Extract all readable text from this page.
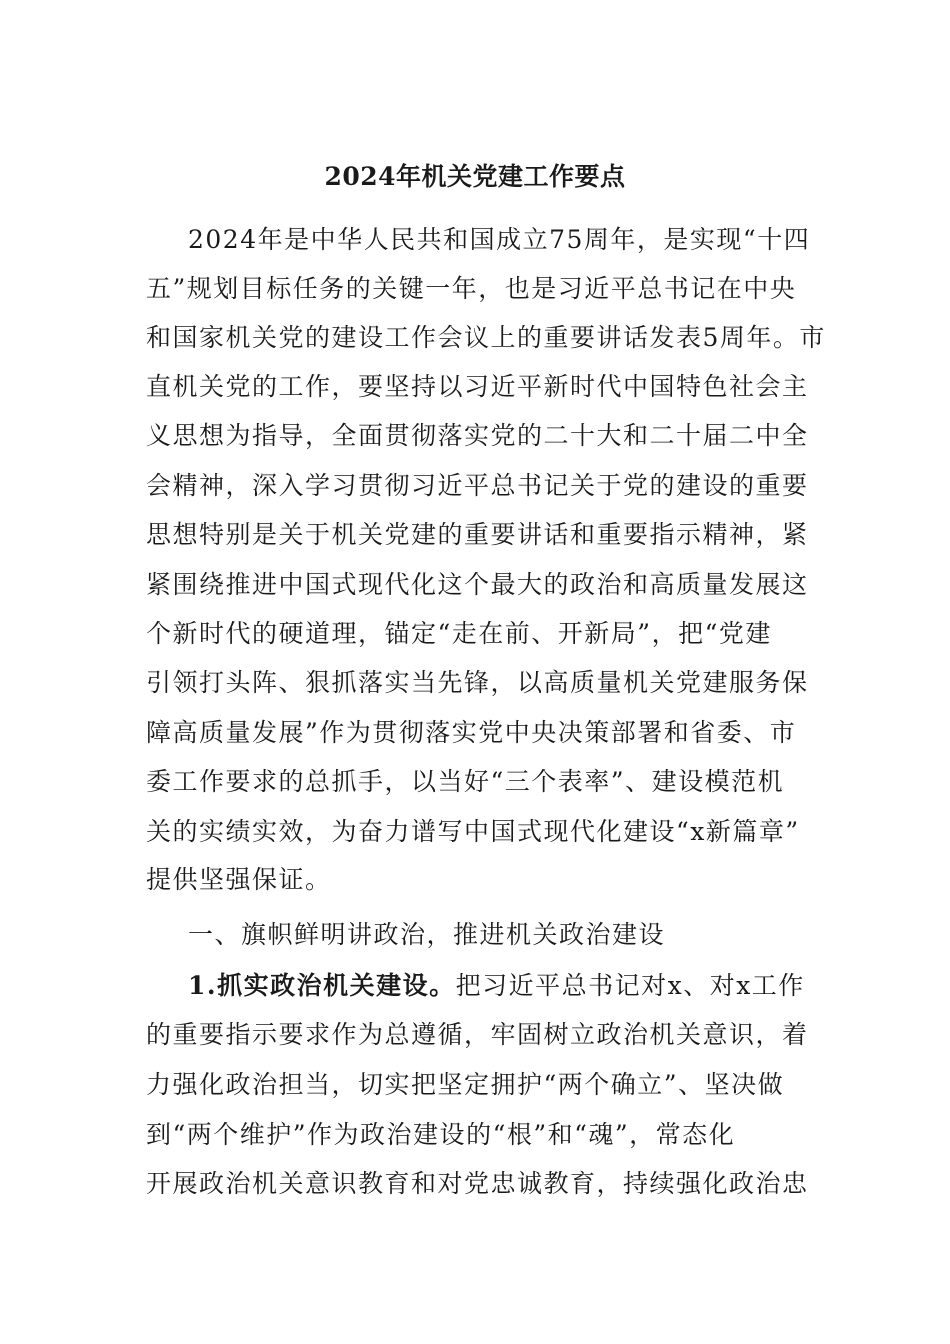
2024年机关党建工作要点

2024年是中华人民共和国成立75周年，是实现“十四

五”规划目标任务的关键一年，也是习近平总书记在中央

和国家机关党的建设工作会议上的重要讲话发表5周年。市

直机关党的工作，要坚持以习近平新时代中国特色社会主

义思想为指导，全面贯彻落实党的二十大和二十届二中全

会精神，深入学习贯彻习近平总书记关于党的建设的重要

思想特别是关于机关党建的重要讲话和重要指示精神，紧

紧围绕推进中国式现代化这个最大的政治和高质量发展这

个新时代的硬道理，锚定“走在前、开新局”，把“党建

引领打头阵、狠抓落实当先锋，以高质量机关党建服务保

障高质量发展”作为贯彻落实党中央决策部署和省委、市

委工作要求的总抓手，以当好“三个表率”、建设模范机

关的实绩实效，为奋力谱写中国式现代化建设“x新篇章”

提供坚强保证。

一、旗帜鲜明讲政治，推进机关政治建设

1.抓实政治机关建设。把习近平总书记对x、对x工作

的重要指示要求作为总遵循，牢固树立政治机关意识，着

力强化政治担当，切实把坚定拥护“两个确立”、坚决做

到“两个维护”作为政治建设的“根”和“魂”，常态化

开展政治机关意识教育和对党忠诚教育，持续强化政治忠
